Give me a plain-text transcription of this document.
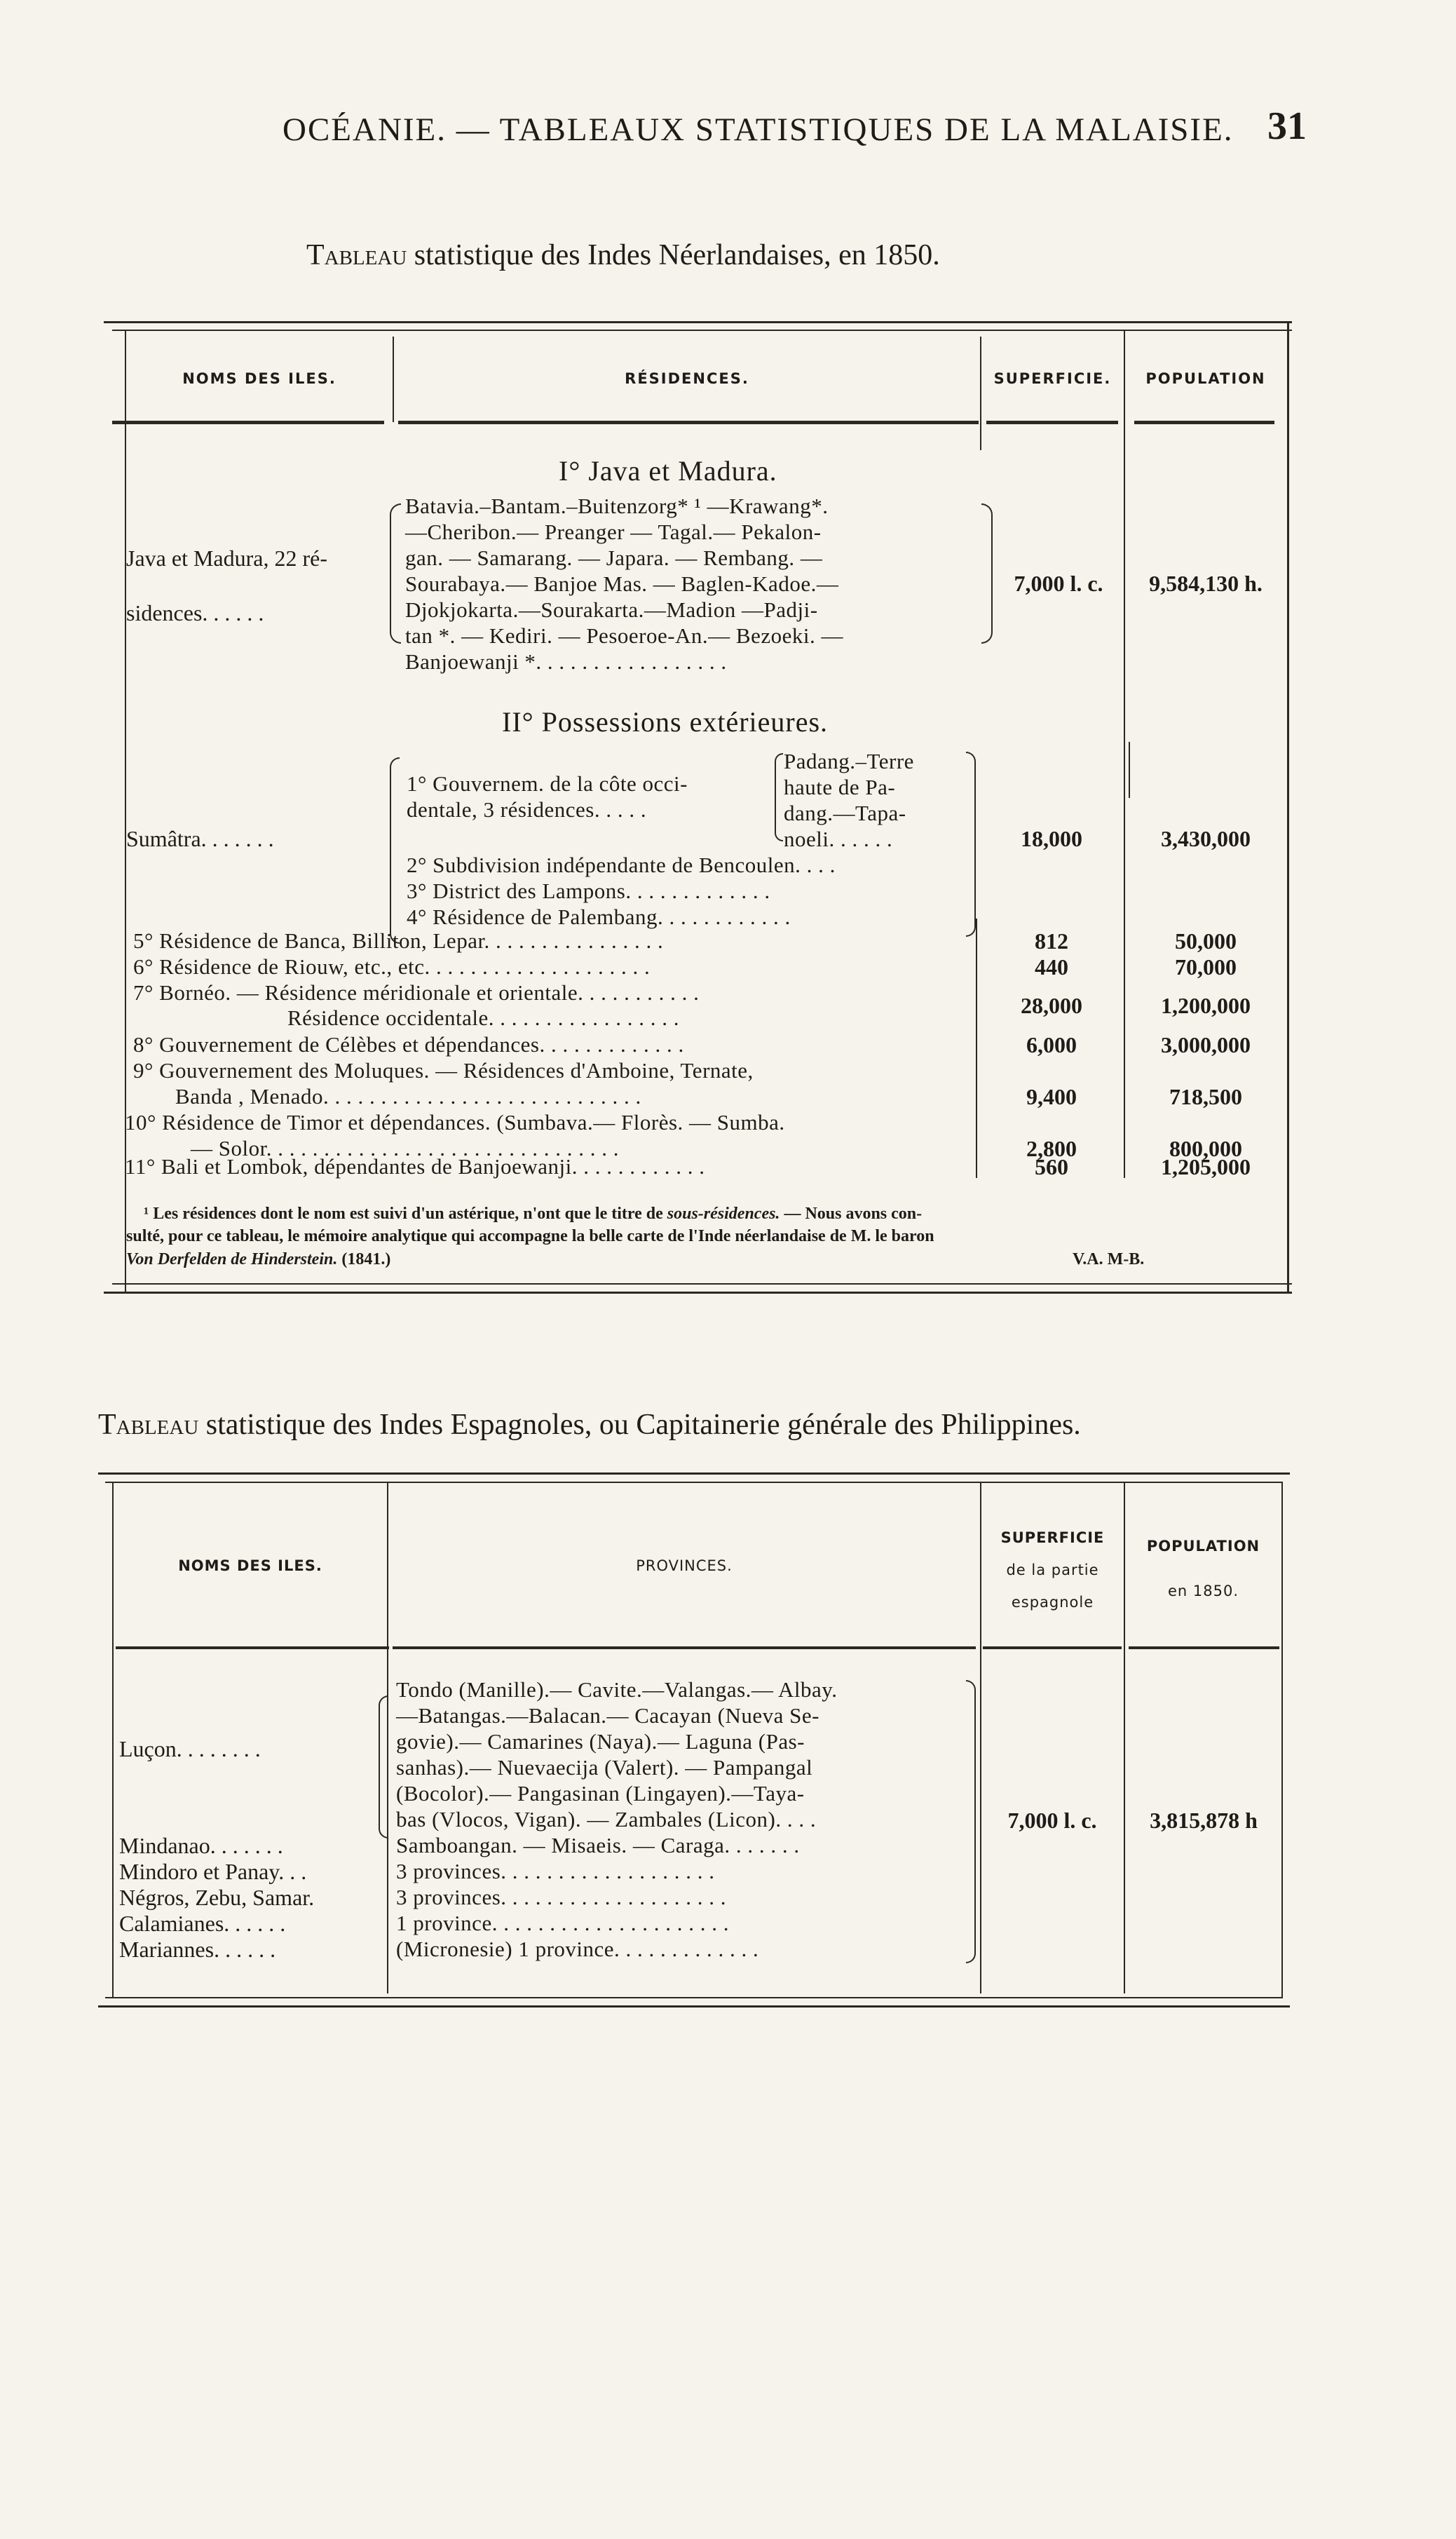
OCÉANIE. — TABLEAUX STATISTIQUES DE LA MALAISIE. 31
Tableau statistique des Indes Néerlandaises, en 1850.
NOMS DES ILES.	RÉSIDENCES.	SUPERFICIE.	POPULATION
I° Java et Madura.
Java et Madura, 22 ré-
sidences. . . . . .
Batavia.–Bantam.–Buitenzorg* ¹ —Krawang*.
—Cheribon.— Preanger — Tagal.— Pekalon-
gan. — Samarang. — Japara. — Rembang. —
Sourabaya.— Banjoe Mas. — Baglen-Kadoe.—
Djokjokarta.—Sourakarta.—Madion —Padji-
tan *. — Kediri. — Pesoeroe-An.— Bezoeki. —
Banjoewanji *. . . . . . . . . . . . . . . . .
7,000 l. c.	9,584,130 h.
II° Possessions extérieures.
Sumâtra. . . . . . .
1° Gouvernem. de la côte occi-
dentale, 3 résidences. . . . .
Padang.–Terre
haute de Pa-
dang.—Tapa-
noeli. . . . . .
2° Subdivision indépendante de Bencoulen. . . .
3° District des Lampons. . . . . . . . . . . . .
4° Résidence de Palembang. . . . . . . . . . . .
18,000	3,430,000
5° Résidence de Banca, Billiton, Lepar. . . . . . . . . . . . . . . .	812	50,000
6° Résidence de Riouw, etc., etc. . . . . . . . . . . . . . . . . . . .	440	70,000
7° Bornéo. — Résidence méridionale et orientale. . . . . . . . . . .
Résidence occidentale. . . . . . . . . . . . . . . . .	28,000	1,200,000
8° Gouvernement de Célèbes et dépendances. . . . . . . . . . . . .	6,000	3,000,000
9° Gouvernement des Moluques. — Résidences d'Amboine, Ternate,
Banda , Menado. . . . . . . . . . . . . . . . . . . . . . . . . . . .	9,400	718,500
10° Résidence de Timor et dépendances. (Sumbava.— Florès. — Sumba.
— Solor. . . . . . . . . . . . . . . . . . . . . . . . . . . . . . .	2,800	800,000
11° Bali et Lombok, dépendantes de Banjoewanji. . . . . . . . . . . .	560	1,205,000
¹ Les résidences dont le nom est suivi d'un astérique, n'ont que le titre de sous-résidences. — Nous avons con-
sulté, pour ce tableau, le mémoire analytique qui accompagne la belle carte de l'Inde néerlandaise de M. le baron
Von Derfelden de Hinderstein. (1841.)	V.A. M-B.
Tableau statistique des Indes Espagnoles, ou Capitainerie générale des Philippines.
NOMS DES ILES.	PROVINCES.
SUPERFICIE
de la partie
espagnole
POPULATION
en 1850.
Luçon. . . . . . . .
Tondo (Manille).— Cavite.—Valangas.— Albay.
—Batangas.—Balacan.— Cacayan (Nueva Se-
govie).— Camarines (Naya).— Laguna (Pas-
sanhas).— Nuevaecija (Valert). — Pampangal
(Bocolor).— Pangasinan (Lingayen).—Taya-
bas (Vlocos, Vigan). — Zambales (Licon). . . .
Mindanao. . . . . . .	Samboangan. — Misaeis. — Caraga. . . . . . .
Mindoro et Panay. . .	3 provinces. . . . . . . . . . . . . . . . . . .
Négros, Zebu, Samar.	3 provinces. . . . . . . . . . . . . . . . . . . .
Calamianes. . . . . .	1 province. . . . . . . . . . . . . . . . . . . . .
Mariannes. . . . . .	(Micronesie) 1 province. . . . . . . . . . . . .
7,000 l. c.	3,815,878 h
